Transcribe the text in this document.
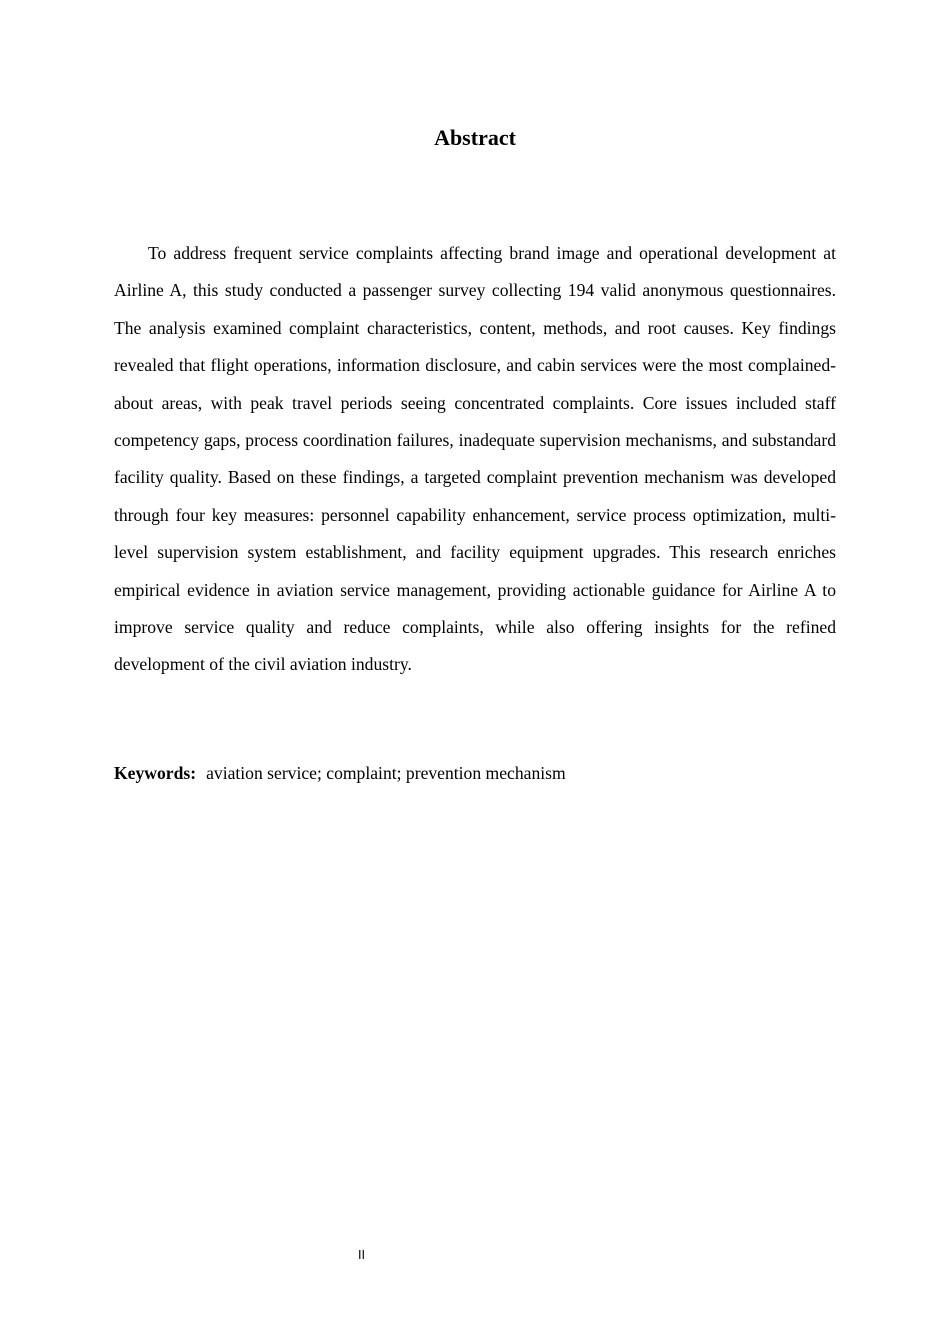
Abstract

To address frequent service complaints affecting brand image and operational development at Airline A, this study conducted a passenger survey collecting 194 valid anonymous questionnaires. The analysis examined complaint characteristics, content, methods, and root causes. Key findings revealed that flight operations, information disclosure, and cabin services were the most complained-about areas, with peak travel periods seeing concentrated complaints. Core issues included staff competency gaps, process coordination failures, inadequate supervision mechanisms, and substandard facility quality. Based on these findings, a targeted complaint prevention mechanism was developed through four key measures: personnel capability enhancement, service process optimization, multi-level supervision system establishment, and facility equipment upgrades. This research enriches empirical evidence in aviation service management, providing actionable guidance for Airline A to improve service quality and reduce complaints, while also offering insights for the refined development of the civil aviation industry.

Keywords: aviation service; complaint; prevention mechanism
II
